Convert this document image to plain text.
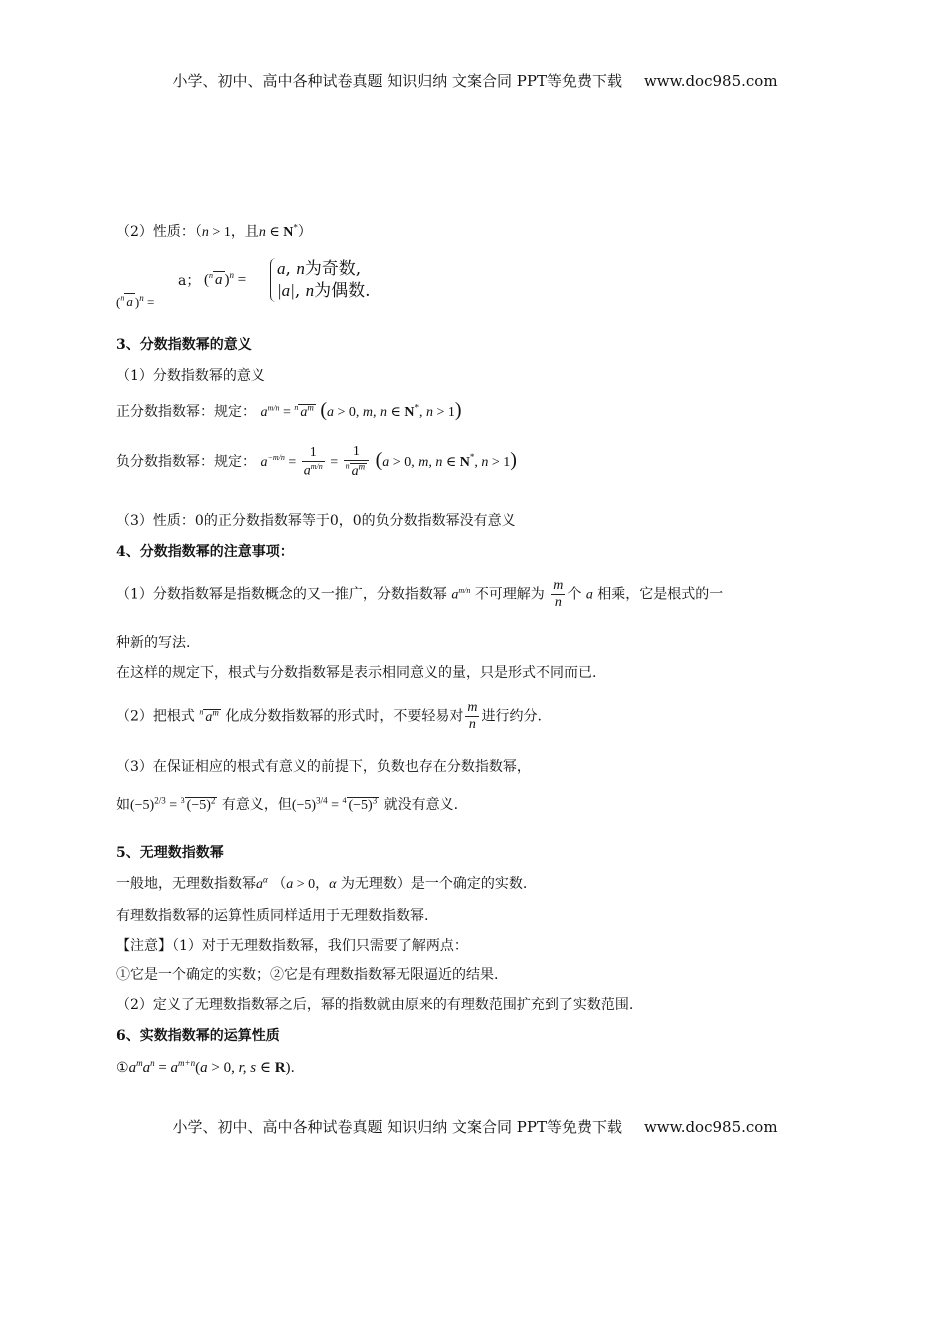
小学、初中、高中各种试卷真题 知识归纳 文案合同 PPT等免费下载 www.doc985.com
（2）性质：（n > 1，且n ∈ N*）
($^n$ a )$^n$ =
a； ($^n$ a )$^n$ =
a, n为奇数,
|a|, n为偶数.
3、分数指数幂的意义
（1）分数指数幂的意义
正分数指数幂：规定： $a^{m/n} = ^n$ $a^m$ (a > 0, m, n ∈ N*, n > 1)
负分数指数幂：规定： $a^{-m/n} = \frac{1}{a^{m/n}} = \frac{1}{^n a^m} (a > 0$, m, n ∈ N*, n > 1)
（3）性质：0的正分数指数幂等于0，0的负分数指数幂没有意义
4、分数指数幂的注意事项：
（1）分数指数幂是指数概念的又一推广，分数指数幂 $a^{m/n}$ 不可理解为 $\frac{m}{n}$ 个 a 相乘，它是根式的一
种新的写法.
在这样的规定下，根式与分数指数幂是表示相同意义的量，只是形式不同而已.
（2）把根式 $^n$ $a^m$ 化成分数指数幂的形式时，不要轻易对 $\frac{m}{n}$ 进行约分.
（3）在保证相应的根式有意义的前提下，负数也存在分数指数幂，
如$(-5)^{2/3} = ^3$ $(-5)^2$ 有意义，但$(-5)^{3/4} = ^4$ $(-5)^3$ 就没有意义.
5、无理数指数幂
一般地，无理数指数幂$a^\alpha$ （a > 0，α 为无理数）是一个确定的实数.
有理数指数幂的运算性质同样适用于无理数指数幂.
【注意】（1）对于无理数指数幂，我们只需要了解两点：
①它是一个确定的实数；②它是有理数指数幂无限逼近的结果.
（2）定义了无理数指数幂之后，幂的指数就由原来的有理数范围扩充到了实数范围.
6、实数指数幂的运算性质
$①a^ma^n = a^{m+n}(a > 0$, r, s ∈ R).
小学、初中、高中各种试卷真题 知识归纳 文案合同 PPT等免费下载 www.doc985.com
